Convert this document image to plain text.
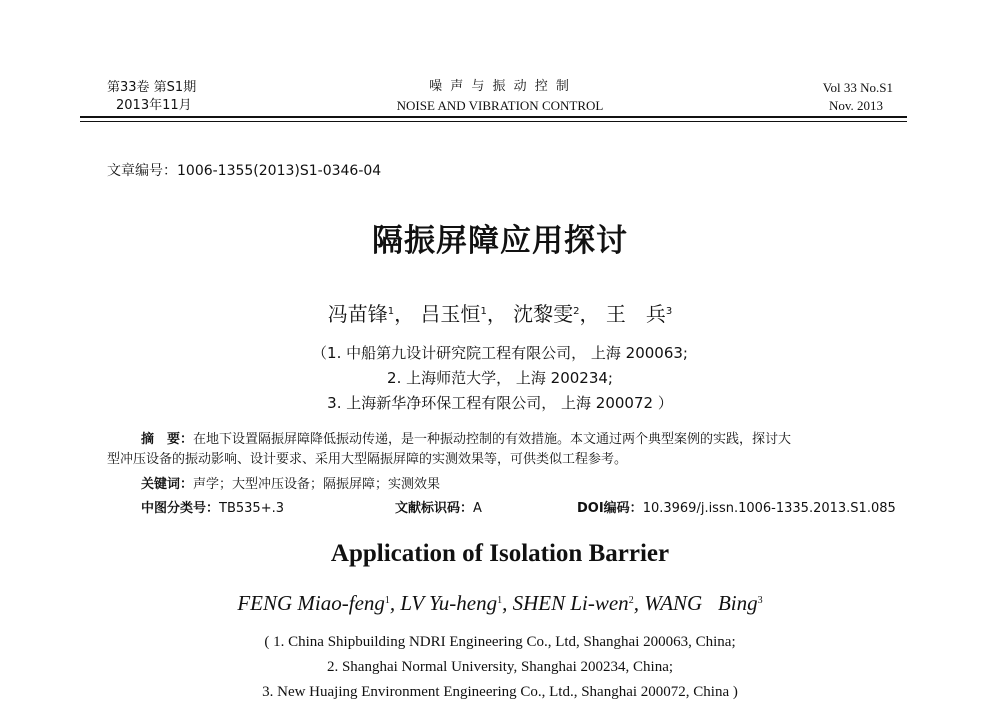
第33卷 第S1期
2013年11月
噪 声 与 振 动 控 制
NOISE AND VIBRATION CONTROL
Vol 33 No.S1
Nov. 2013
文章编号：1006-1355(2013)S1-0346-04
隔振屏障应用探讨
冯苗锋$^1$， 吕玉恒$^1$， 沈黎雯$^2$， 王　兵$^3$
（1. 中船第九设计研究院工程有限公司， 上海 200063;
2. 上海师范大学， 上海 200234;
3. 上海新华净环保工程有限公司， 上海 200072 ）
摘　要：在地下设置隔振屏障降低振动传递，是一种振动控制的有效措施。本文通过两个典型案例的实践，探讨大
型冲压设备的振动影响、设计要求、采用大型隔振屏障的实测效果等，可供类似工程参考。
关键词：声学；大型冲压设备；隔振屏障；实测效果
中图分类号：TB535+.3	文献标识码：A	DOI编码：10.3969/j.issn.1006-1335.2013.S1.085
Application of Isolation Barrier
FENG Miao-feng$^1$, LV Yu-heng$^1$, SHEN Li-wen$^2$, WANG   Bing$^3$
( 1. China Shipbuilding NDRI Engineering Co., Ltd, Shanghai 200063, China;
2. Shanghai Normal University, Shanghai 200234, China;
3. New Huajing Environment Engineering Co., Ltd., Shanghai 200072, China )
